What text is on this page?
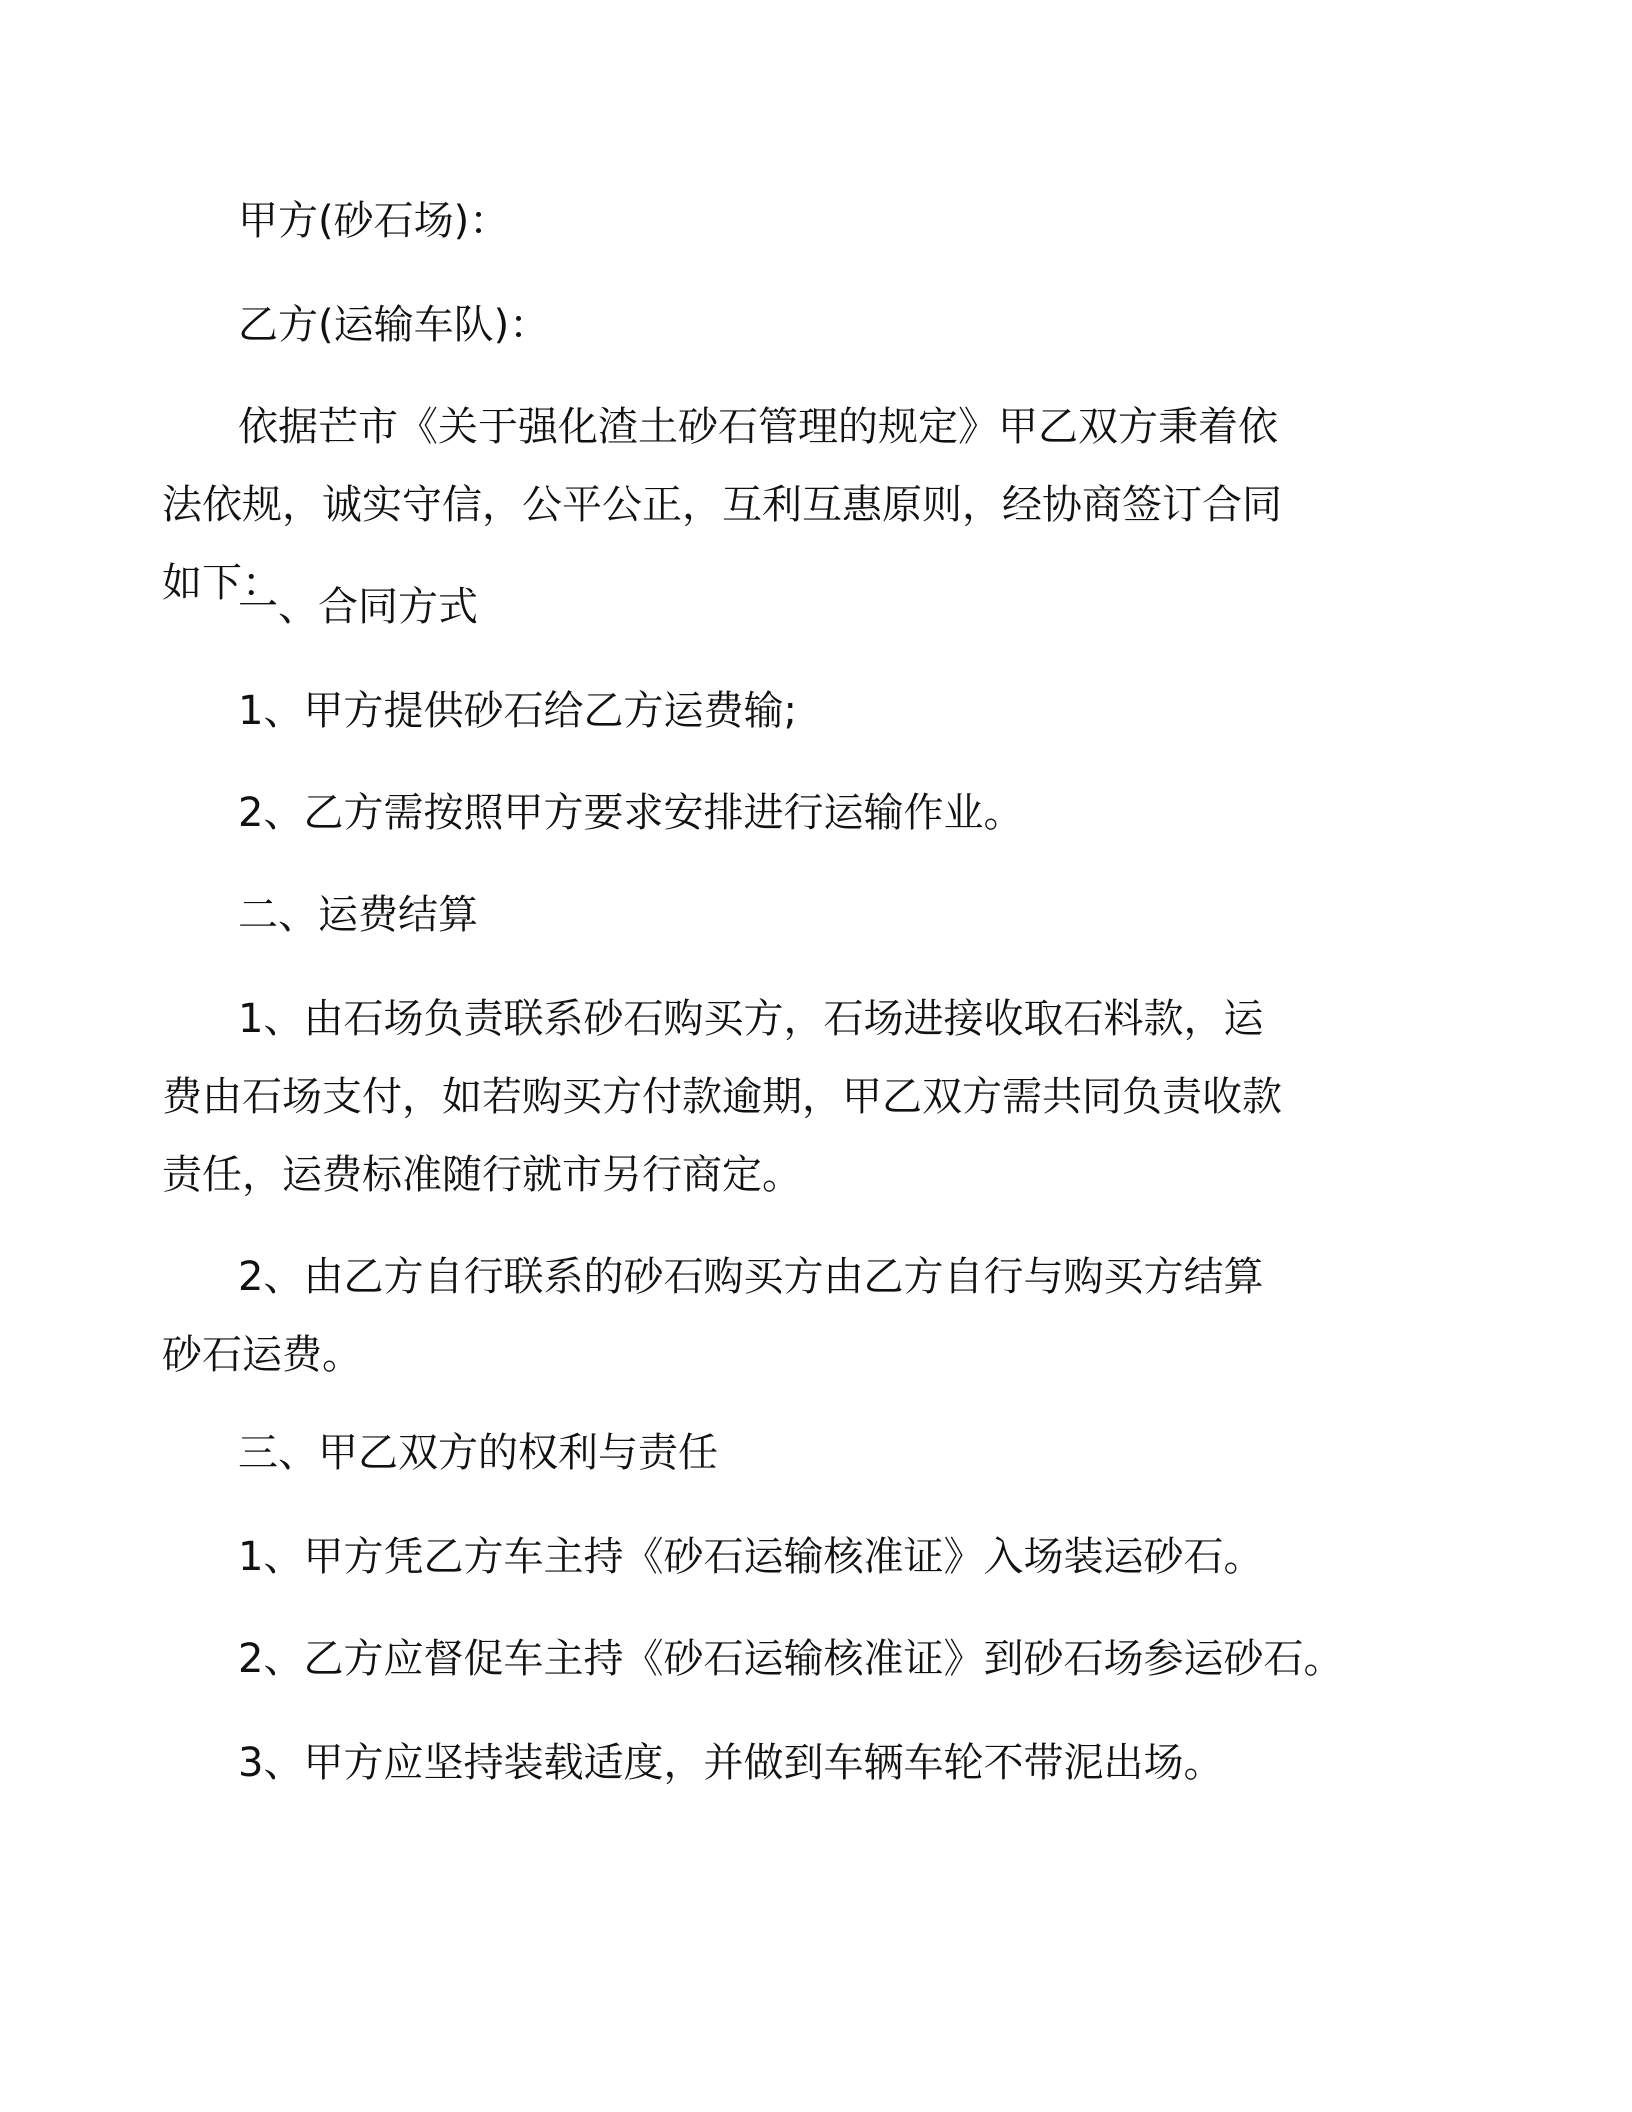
甲方(砂石场)：
乙方(运输车队)：
依据芒市《关于强化渣土砂石管理的规定》甲乙双方秉着依法依规，诚实守信，公平公正，互利互惠原则，经协商签订合同如下：
一、合同方式
1、甲方提供砂石给乙方运费输;
2、乙方需按照甲方要求安排进行运输作业。
二、运费结算
1、由石场负责联系砂石购买方，石场进接收取石料款，运费由石场支付，如若购买方付款逾期，甲乙双方需共同负责收款责任，运费标准随行就市另行商定。
2、由乙方自行联系的砂石购买方由乙方自行与购买方结算砂石运费。
三、甲乙双方的权利与责任
1、甲方凭乙方车主持《砂石运输核准证》入场装运砂石。
2、乙方应督促车主持《砂石运输核准证》到砂石场参运砂石。
3、甲方应坚持装载适度，并做到车辆车轮不带泥出场。
